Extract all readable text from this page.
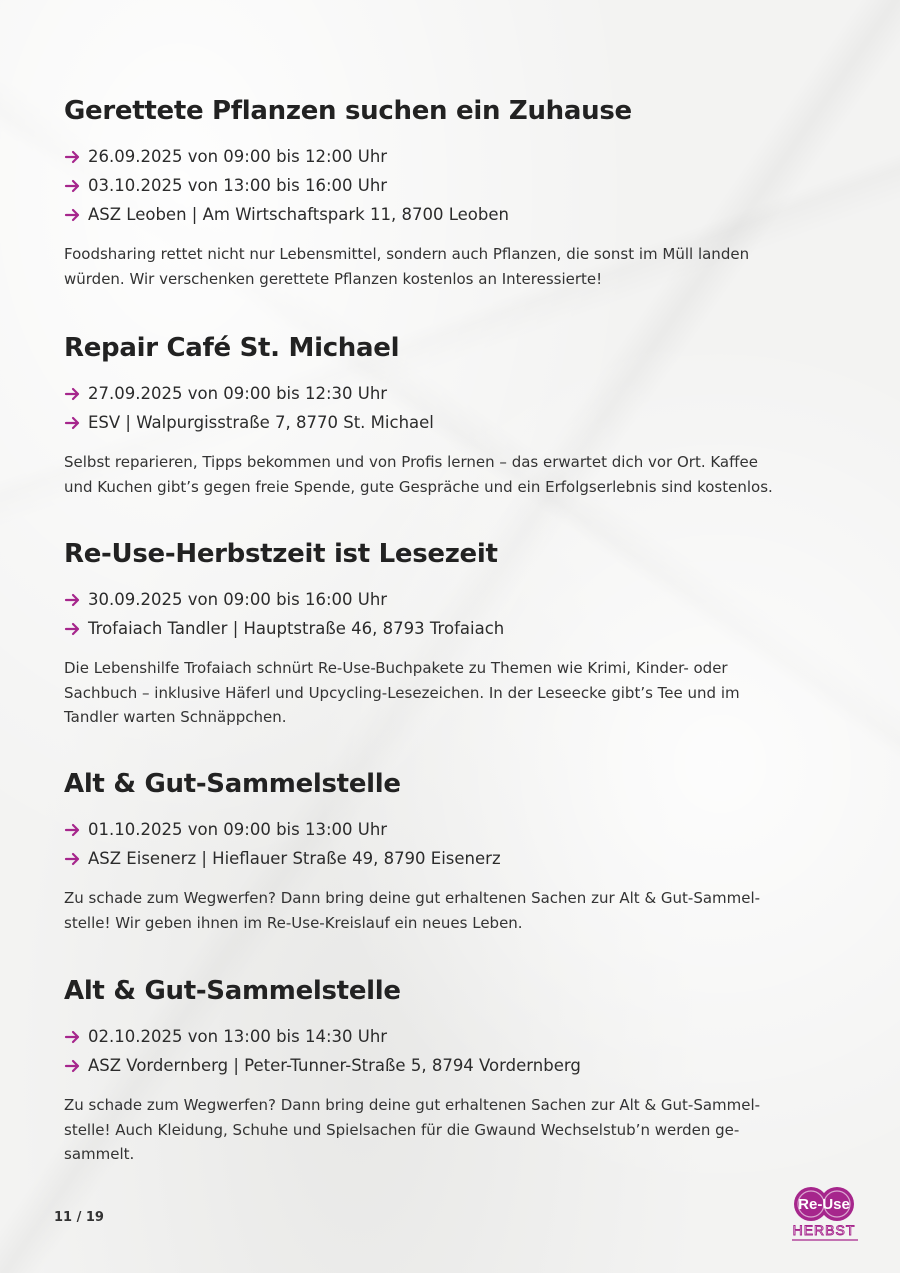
Gerettete Pflanzen suchen ein Zuhause
26.09.2025 von 09:00 bis 12:00 Uhr
03.10.2025 von 13:00 bis 16:00 Uhr
ASZ Leoben | Am Wirtschaftspark 11, 8700 Leoben

Foodsharing rettet nicht nur Lebensmittel, sondern auch Pflanzen, die sonst im Müll landen
würden. Wir verschenken gerettete Pflanzen kostenlos an Interessierte!

Repair Café St. Michael
27.09.2025 von 09:00 bis 12:30 Uhr
ESV | Walpurgisstraße 7, 8770 St. Michael

Selbst reparieren, Tipps bekommen und von Profis lernen – das erwartet dich vor Ort. Kaffee
und Kuchen gibt’s gegen freie Spende, gute Gespräche und ein Erfolgserlebnis sind kostenlos.

Re-Use-Herbstzeit ist Lesezeit
30.09.2025 von 09:00 bis 16:00 Uhr
Trofaiach Tandler | Hauptstraße 46, 8793 Trofaiach

Die Lebenshilfe Trofaiach schnürt Re-Use-Buchpakete zu Themen wie Krimi, Kinder- oder
Sachbuch – inklusive Häferl und Upcycling-Lesezeichen. In der Leseecke gibt’s Tee und im
Tandler warten Schnäppchen.

Alt & Gut-Sammelstelle
01.10.2025 von 09:00 bis 13:00 Uhr
ASZ Eisenerz | Hieflauer Straße 49, 8790 Eisenerz

Zu schade zum Wegwerfen? Dann bring deine gut erhaltenen Sachen zur Alt & Gut-Sammel-
stelle! Wir geben ihnen im Re-Use-Kreislauf ein neues Leben.

Alt & Gut-Sammelstelle
02.10.2025 von 13:00 bis 14:30 Uhr
ASZ Vordernberg | Peter-Tunner-Straße 5, 8794 Vordernberg

Zu schade zum Wegwerfen? Dann bring deine gut erhaltenen Sachen zur Alt & Gut-Sammel-
stelle! Auch Kleidung, Schuhe und Spielsachen für die Gwaund Wechselstub’n werden ge-
sammelt.

11 / 19
Re-Use
HERBST
